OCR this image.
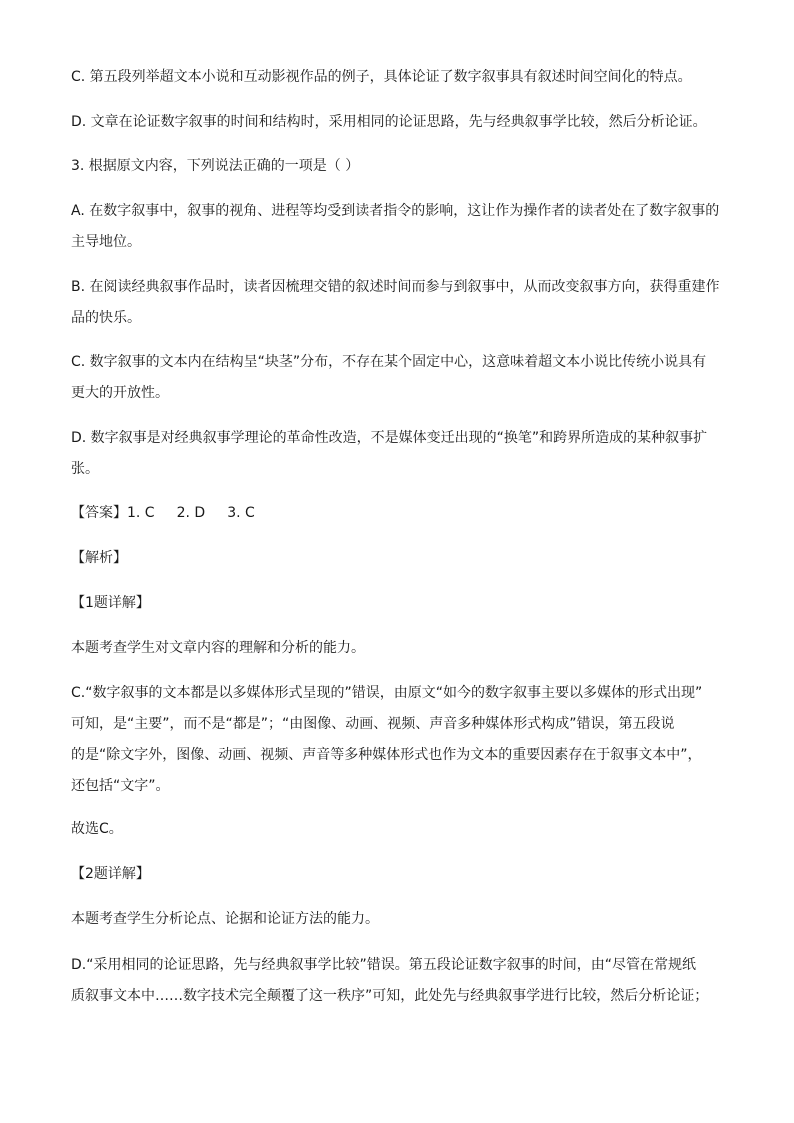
C. 第五段列举超文本小说和互动影视作品的例子，具体论证了数字叙事具有叙述时间空间化的特点。

D. 文章在论证数字叙事的时间和结构时，采用相同的论证思路，先与经典叙事学比较，然后分析论证。

3. 根据原文内容，下列说法正确的一项是（ ）

A. 在数字叙事中，叙事的视角、进程等均受到读者指令的影响，这让作为操作者的读者处在了数字叙事的
主导地位。

B. 在阅读经典叙事作品时，读者因梳理交错的叙述时间而参与到叙事中，从而改变叙事方向，获得重建作
品的快乐。

C. 数字叙事的文本内在结构呈“块茎”分布，不存在某个固定中心，这意味着超文本小说比传统小说具有
更大的开放性。

D. 数字叙事是对经典叙事学理论的革命性改造，不是媒体变迁出现的“换笔”和跨界所造成的某种叙事扩
张。

【答案】1. C 2. D 3. C

【解析】

【1题详解】

本题考查学生对文章内容的理解和分析的能力。

C.“数字叙事的文本都是以多媒体形式呈现的”错误，由原文“如今的数字叙事主要以多媒体的形式出现”
可知，是“主要”，而不是“都是”；“由图像、动画、视频、声音多种媒体形式构成”错误，第五段说
的是“除文字外，图像、动画、视频、声音等多种媒体形式也作为文本的重要因素存在于叙事文本中”，
还包括“文字”。

故选C。

【2题详解】

本题考查学生分析论点、论据和论证方法的能力。

D.“采用相同的论证思路，先与经典叙事学比较”错误。第五段论证数字叙事的时间，由“尽管在常规纸
质叙事文本中……数字技术完全颠覆了这一秩序”可知，此处先与经典叙事学进行比较，然后分析论证；
